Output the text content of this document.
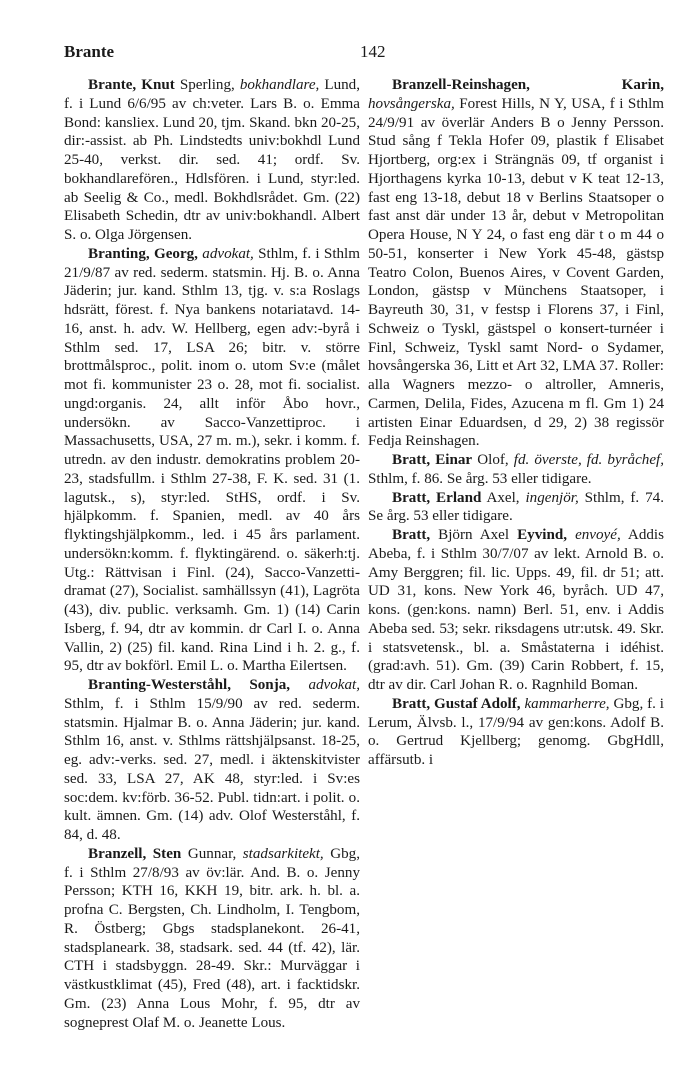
Brante	142

Brante, Knut Sperling, bokhandlare, Lund, f. i Lund 6/6/95 av ch:veter. Lars B. o. Emma Bond: kansliex. Lund 20, tjm. Skand. bkn 20-25, dir:-assist. ab Ph. Lindstedts univ:bokhdl Lund 25-40, verkst. dir. sed. 41; ordf. Sv. bokhandlarefören., Hdlsfören. i Lund, styr:led. ab Seelig & Co., medl. Bokhdlsrådet. Gm. (22) Elisabeth Schedin, dtr av univ:bokhandl. Albert S. o. Olga Jörgensen.

Branting, Georg, advokat, Sthlm, f. i Sthlm 21/9/87 av red. sederm. statsmin. Hj. B. o. Anna Jäderin; jur. kand. Sthlm 13, tjg. v. s:a Roslags hdsrätt, förest. f. Nya bankens notariatavd. 14-16, anst. h. adv. W. Hellberg, egen adv:-byrå i Sthlm sed. 17, LSA 26; bitr. v. större brottmålsproc., polit. inom o. utom Sv:e (målet mot fi. kommunister 23 o. 28, mot fi. socialist. ungd:organis. 24, allt inför Åbo hovr., undersökn. av Sacco-Vanzettiproc. i Massachusetts, USA, 27 m. m.), sekr. i komm. f. utredn. av den industr. demokratins problem 20-23, stadsfullm. i Sthlm 27-38, F. K. sed. 31 (1. lagutsk., s), styr:led. StHS, ordf. i Sv. hjälpkomm. f. Spanien, medl. av 40 års flyktingshjälpkomm., led. i 45 års parlament. undersökn:komm. f. flyktingärend. o. säkerh:tj. Utg.: Rättvisan i Finl. (24), Sacco-Vanzetti-dramat (27), Socialist. samhällssyn (41), Lagröta (43), div. public. verksamh. Gm. 1) (14) Carin Isberg, f. 94, dtr av kommin. dr Carl I. o. Anna Vallin, 2) (25) fil. kand. Rina Lind i h. 2. g., f. 95, dtr av bokförl. Emil L. o. Martha Eilertsen.

Branting-Westerståhl, Sonja, advokat, Sthlm, f. i Sthlm 15/9/90 av red. sederm. statsmin. Hjalmar B. o. Anna Jäderin; jur. kand. Sthlm 16, anst. v. Sthlms rättshjälpsanst. 18-25, eg. adv:-verks. sed. 27, medl. i äktenskitvister sed. 33, LSA 27, AK 48, styr:led. i Sv:es soc:dem. kv:förb. 36-52. Publ. tidn:art. i polit. o. kult. ämnen. Gm. (14) adv. Olof Westerståhl, f. 84, d. 48.

Branzell, Sten Gunnar, stadsarkitekt, Gbg, f. i Sthlm 27/8/93 av öv:lär. And. B. o. Jenny Persson; KTH 16, KKH 19, bitr. ark. h. bl. a. profna C. Bergsten, Ch. Lindholm, I. Tengbom, R. Östberg; Gbgs stadsplanekont. 26-41, stadsplaneark. 38, stadsark. sed. 44 (tf. 42), lär. CTH i stadsbyggn. 28-49. Skr.: Murväggar i västkustklimat (45), Fred (48), art. i facktidskr. Gm. (23) Anna Lous Mohr, f. 95, dtr av sogneprest Olaf M. o. Jeanette Lous.

Branzell-Reinshagen, Karin, hovsångerska, Forest Hills, N Y, USA, f i Sthlm 24/9/91 av överlär Anders B o Jenny Persson. Stud sång f Tekla Hofer 09, plastik f Elisabet Hjortberg, org:ex i Strängnäs 09, tf organist i Hjorthagens kyrka 10-13, debut v K teat 12-13, fast eng 13-18, debut 18 v Berlins Staatsoper o fast anst där under 13 år, debut v Metropolitan Opera House, N Y 24, o fast eng där t o m 44 o 50-51, konserter i New York 45-48, gästsp Teatro Colon, Buenos Aires, v Covent Garden, London, gästsp v Münchens Staatsoper, i Bayreuth 30, 31, v festsp i Florens 37, i Finl, Schweiz o Tyskl, gästspel o konsert-turnéer i Finl, Schweiz, Tyskl samt Nord- o Sydamer, hovsångerska 36, Litt et Art 32, LMA 37. Roller: alla Wagners mezzo- o altroller, Amneris, Carmen, Delila, Fides, Azucena m fl. Gm 1) 24 artisten Einar Eduardsen, d 29, 2) 38 regissör Fedja Reinshagen.

Bratt, Einar Olof, fd. överste, fd. byråchef, Sthlm, f. 86. Se årg. 53 eller tidigare.

Bratt, Erland Axel, ingenjör, Sthlm, f. 74. Se årg. 53 eller tidigare.

Bratt, Björn Axel Eyvind, envoyé, Addis Abeba, f. i Sthlm 30/7/07 av lekt. Arnold B. o. Amy Berggren; fil. lic. Upps. 49, fil. dr 51; att. UD 31, kons. New York 46, byråch. UD 47, kons. (gen:kons. namn) Berl. 51, env. i Addis Abeba sed. 53; sekr. riksdagens utr:utsk. 49. Skr. i statsvetensk., bl. a. Småstaterna i idéhist. (grad:avh. 51). Gm. (39) Carin Robbert, f. 15, dtr av dir. Carl Johan R. o. Ragnhild Boman.

Bratt, Gustaf Adolf, kammarherre, Gbg, f. i Lerum, Älvsb. l., 17/9/94 av gen:kons. Adolf B. o. Gertrud Kjellberg; genomg. GbgHdll, affärsutb. i
